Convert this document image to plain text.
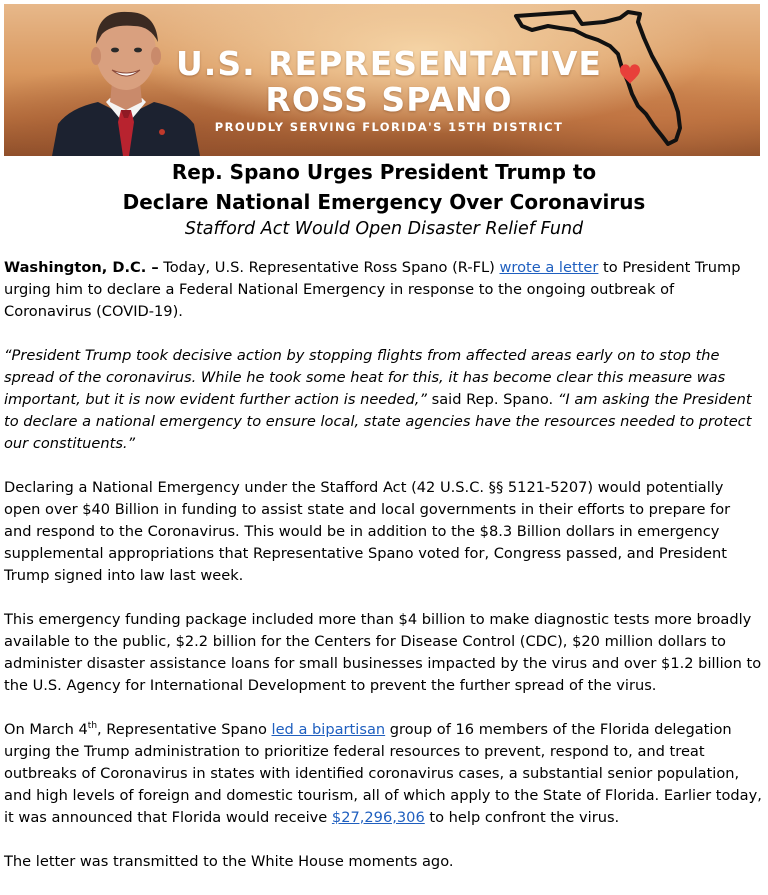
U.S. REPRESENTATIVE
ROSS SPANO
PROUDLY SERVING FLORIDA'S 15TH DISTRICT
Rep. Spano Urges President Trump to
Declare National Emergency Over Coronavirus
Stafford Act Would Open Disaster Relief Fund

Washington, D.C. – Today, U.S. Representative Ross Spano (R-FL) wrote a letter to President Trump urging him to declare a Federal National Emergency in response to the ongoing outbreak of Coronavirus (COVID-19).

“President Trump took decisive action by stopping flights from affected areas early on to stop the spread of the coronavirus. While he took some heat for this, it has become clear this measure was important, but it is now evident further action is needed,” said Rep. Spano. “I am asking the President to declare a national emergency to ensure local, state agencies have the resources needed to protect our constituents.”

Declaring a National Emergency under the Stafford Act (42 U.S.C. §§ 5121-5207) would potentially open over $40 Billion in funding to assist state and local governments in their efforts to prepare for and respond to the Coronavirus. This would be in addition to the $8.3 Billion dollars in emergency supplemental appropriations that Representative Spano voted for, Congress passed, and President Trump signed into law last week.

This emergency funding package included more than $4 billion to make diagnostic tests more broadly available to the public, $2.2 billion for the Centers for Disease Control (CDC), $20 million dollars to administer disaster assistance loans for small businesses impacted by the virus and over $1.2 billion to the U.S. Agency for International Development to prevent the further spread of the virus.

On March 4th, Representative Spano led a bipartisan group of 16 members of the Florida delegation urging the Trump administration to prioritize federal resources to prevent, respond to, and treat outbreaks of Coronavirus in states with identified coronavirus cases, a substantial senior population, and high levels of foreign and domestic tourism, all of which apply to the State of Florida. Earlier today, it was announced that Florida would receive $27,296,306 to help confront the virus.

The letter was transmitted to the White House moments ago.
